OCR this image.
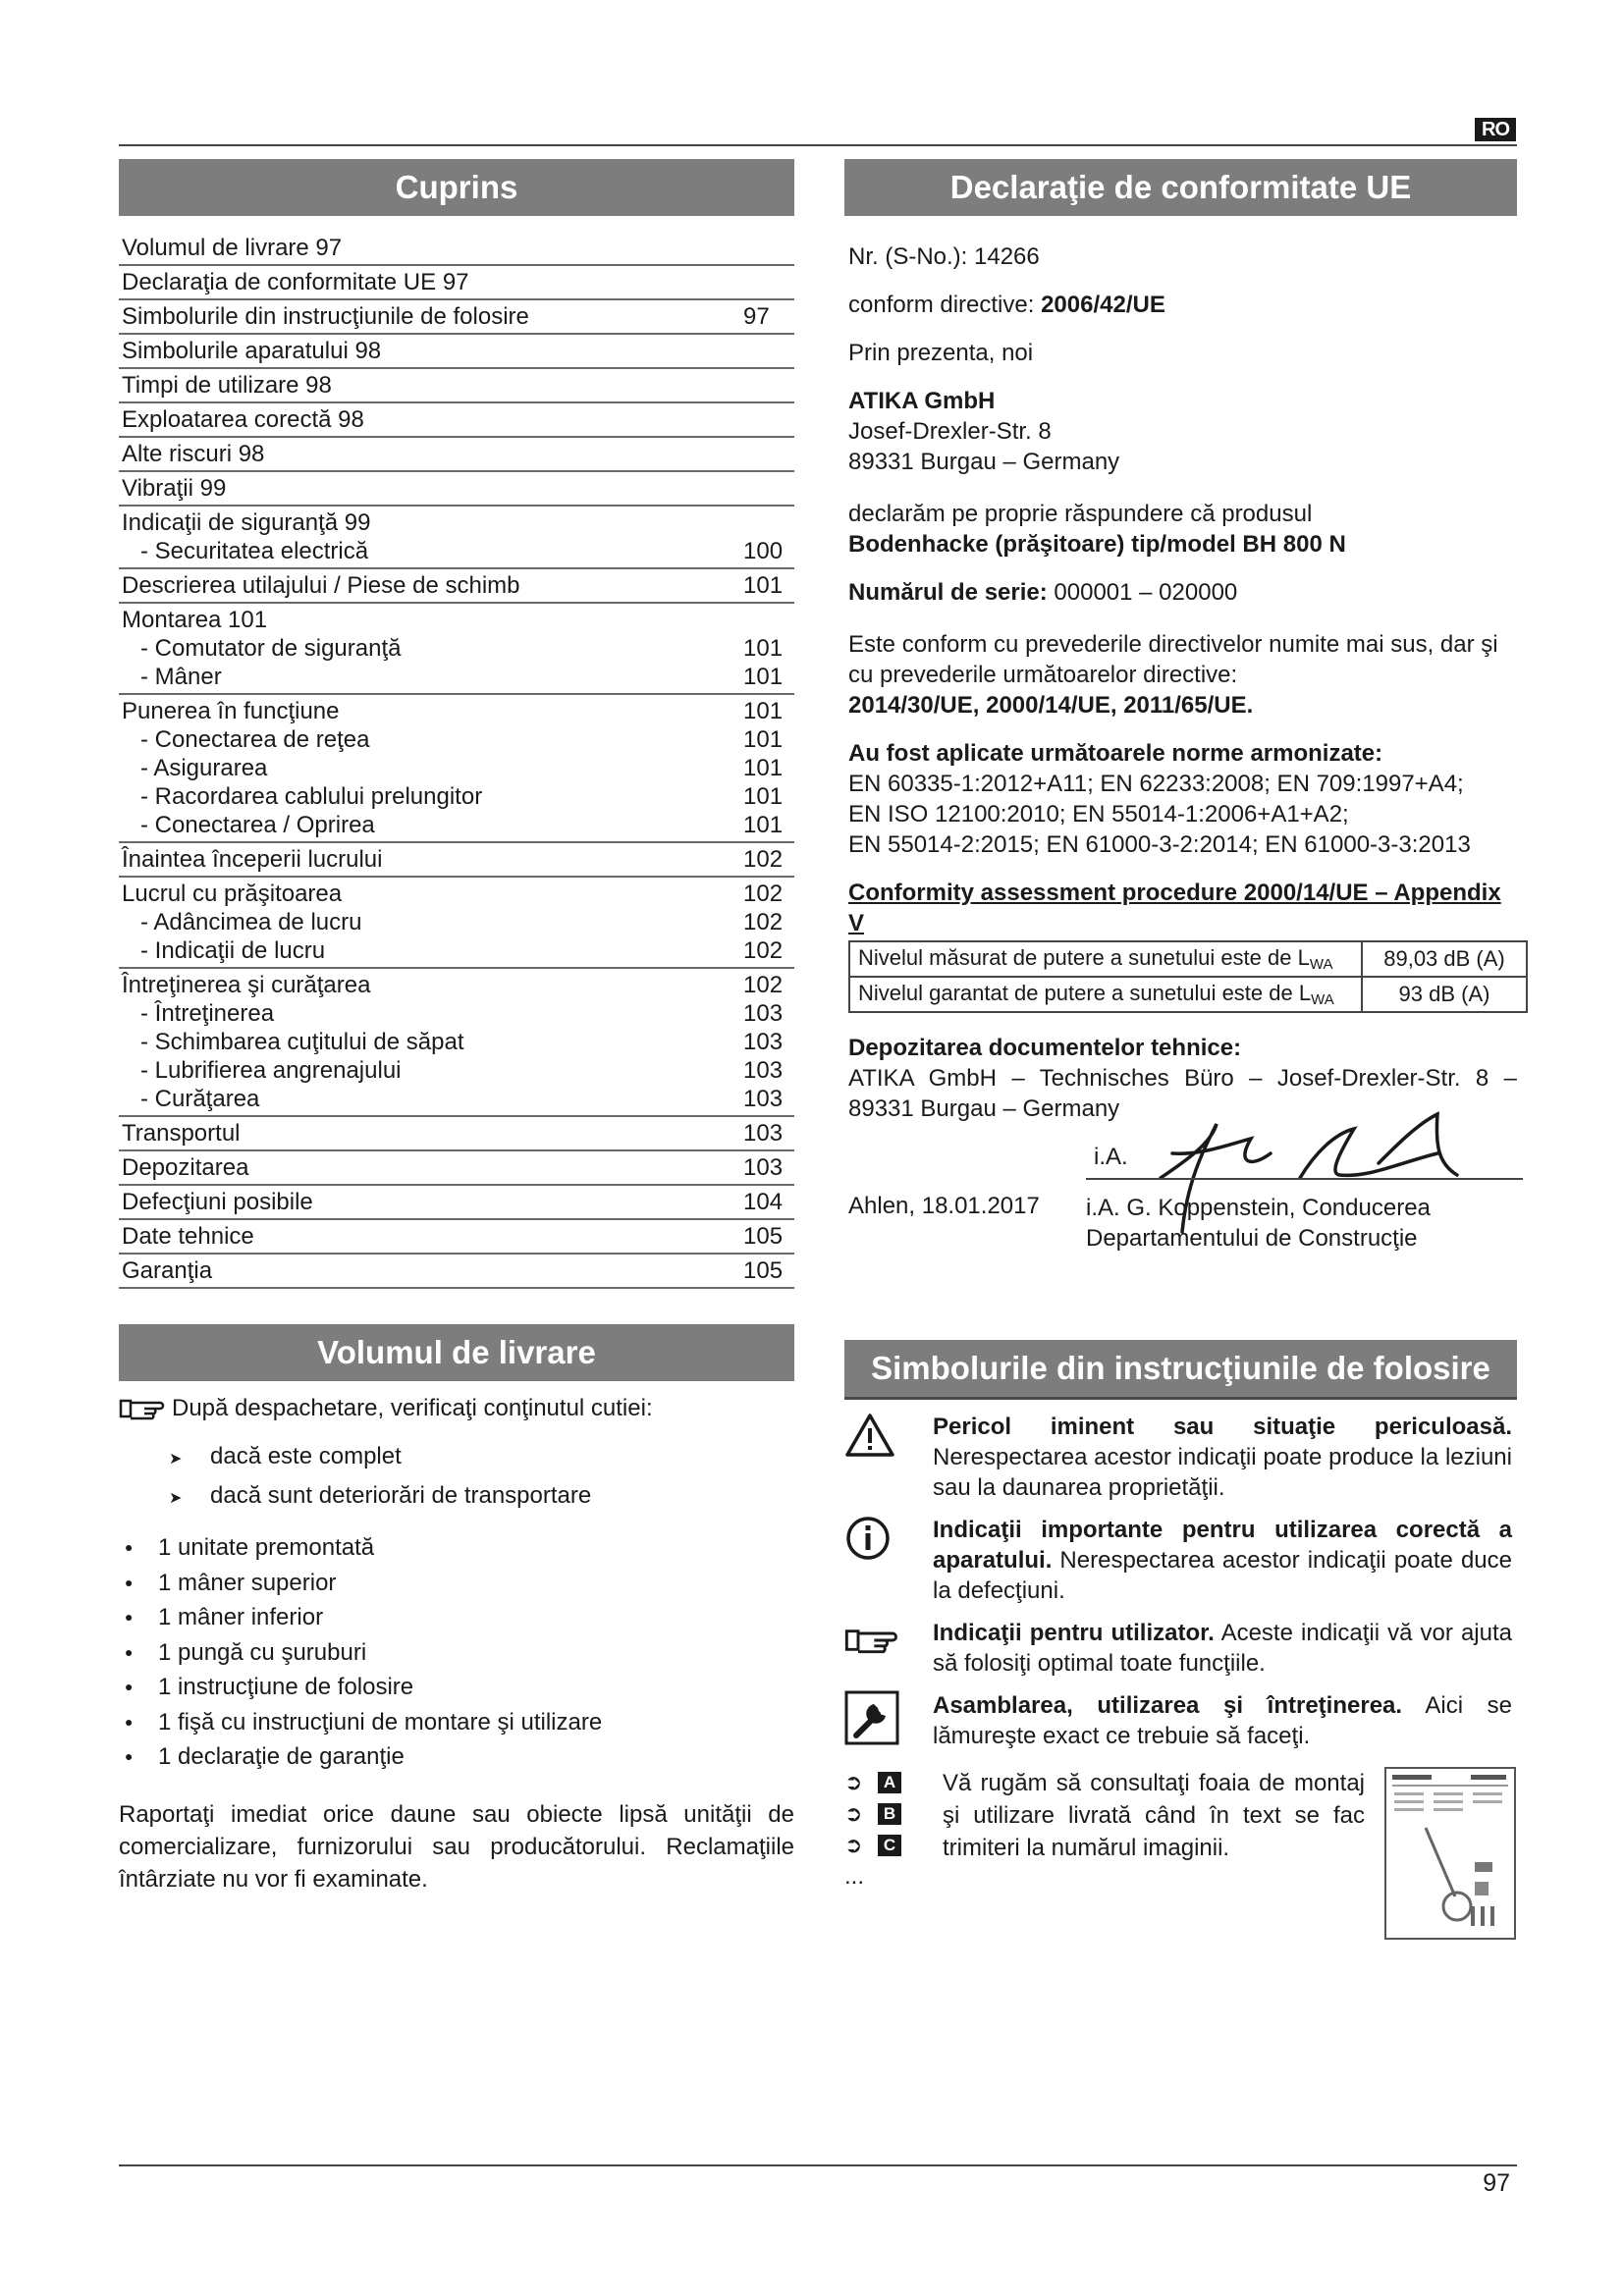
RO
Cuprins
Volumul de livrare 97
Declaraţia de conformitate UE 97
Simbolurile din instrucţiunile de folosire	97
Simbolurile aparatului 98
Timpi de utilizare 98
Exploatarea corectă 98
Alte riscuri 98
Vibraţii 99
Indicaţii de siguranţă 99
- Securitatea electrică	100
Descrierea utilajului / Piese de schimb	101
Montarea 101
- Comutator de siguranţă	101
- Mâner	101
Punerea în funcţiune	101
- Conectarea de reţea	101
- Asigurarea	101
- Racordarea cablului prelungitor	101
- Conectarea / Oprirea	101
Înaintea începerii lucrului	102
Lucrul cu prăşitoarea	102
- Adâncimea de lucru	102
- Indicaţii de lucru	102
Întreţinerea şi curăţarea	102
- Întreţinerea	103
- Schimbarea cuţitului de săpat	103
- Lubrifierea angrenajului	103
- Curăţarea	103
Transportul	103
Depozitarea	103
Defecţiuni posibile	104
Date tehnice	105
Garanţia	105
Volumul de livrare
După despachetare, verificaţi conţinutul cutiei:
➤ dacă este complet
➤ dacă sunt deteriorări de transportare
● 1 unitate premontată
● 1 mâner superior
● 1 mâner inferior
● 1 pungă cu şuruburi
● 1 instrucţiune de folosire
● 1 fişă cu instrucţiuni de montare şi utilizare
● 1 declaraţie de garanţie

Raportaţi imediat orice daune sau obiecte lipsă unităţii de comercializare, furnizorului sau producătorului. Reclamaţiile întârziate nu vor fi examinate.

Declaraţie de conformitate UE

Nr. (S-No.): 14266

conform directive: 2006/42/UE

Prin prezenta, noi

ATIKA GmbH

Josef-Drexler-Str. 8

89331 Burgau – Germany

declarăm pe proprie răspundere că produsul

Bodenhacke (prăşitoare) tip/model BH 800 N

Numărul de serie: 000001 – 020000

Este conform cu prevederile directivelor numite mai sus, dar şi cu prevederile următoarelor directive:

2014/30/UE, 2000/14/UE, 2011/65/UE.

Au fost aplicate următoarele norme armonizate:

EN 60335-1:2012+A11; EN 62233:2008; EN 709:1997+A4;

EN ISO 12100:2010; EN 55014-1:2006+A1+A2;

EN 55014-2:2015; EN 61000-3-2:2014; EN 61000-3-3:2013

Conformity assessment procedure 2000/14/UE – Appendix V

Nivelul măsurat de putere a sunetului este de LWA	89,03 dB (A)
Nivelul garantat de putere a sunetului este de LWA	93 dB (A)

Depozitarea documentelor tehnice:

ATIKA GmbH – Technisches Büro – Josef-Drexler-Str. 8 – 89331 Burgau – Germany

i.A.
Ahlen, 18.01.2017 i.A. G. Koppenstein, Conducerea
Departamentului de Construcţie
Simbolurile din instrucţiunile de folosire
Pericol iminent sau situaţie periculoasă. Nerespectarea acestor indicaţii poate produce la leziuni sau la daunarea proprietăţii.
Indicaţii importante pentru utilizarea corectă a aparatului. Nerespectarea acestor indicaţii poate duce la defecţiuni.
Indicaţii pentru utilizator. Aceste indicaţii vă vor ajuta să folosiţi optimal toate funcţiile.
Asamblarea, utilizarea şi întreţinerea. Aici se lămureşte exact ce trebuie să faceţi.
➲	A
➲	B
➲	C
...
Vă rugăm să consultaţi foaia de montaj şi utilizare livrată când în text se fac trimiteri la numărul imaginii.
97
